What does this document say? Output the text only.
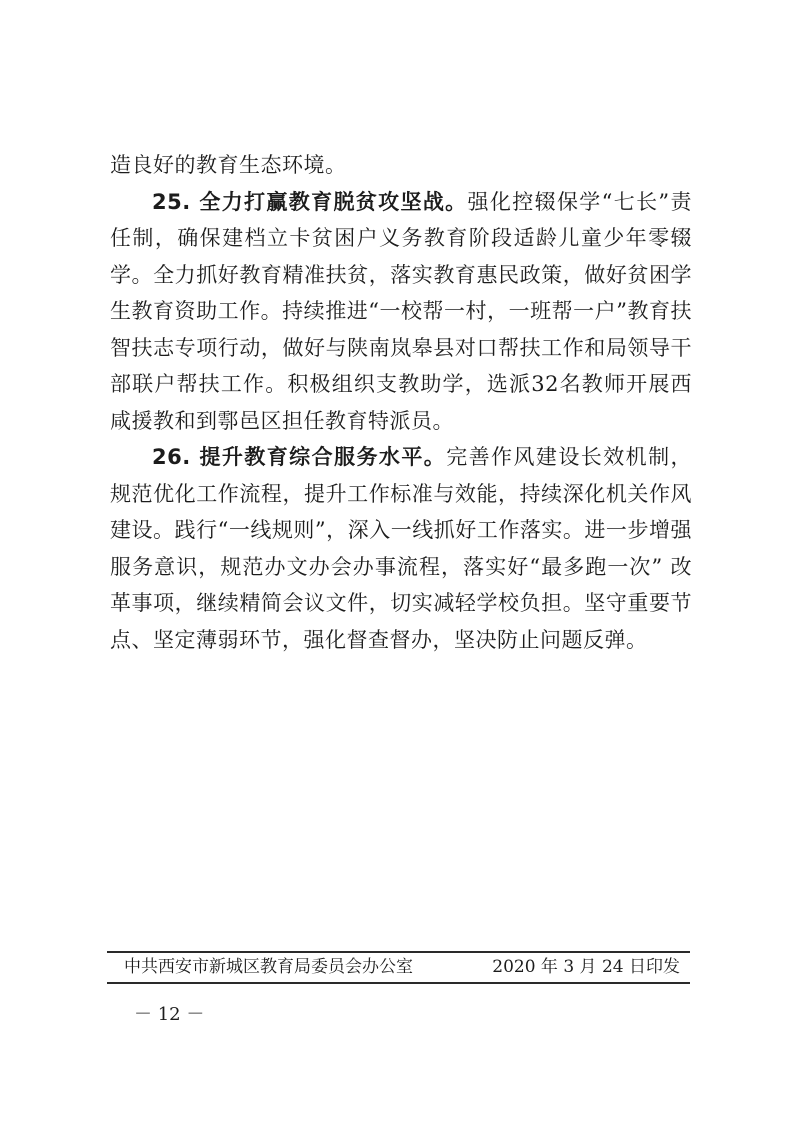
造良好的教育生态环境。

25. 全力打赢教育脱贫攻坚战。强化控辍保学“七长”责任制，确保建档立卡贫困户义务教育阶段适龄儿童少年零辍学。全力抓好教育精准扶贫，落实教育惠民政策，做好贫困学生教育资助工作。持续推进“一校帮一村，一班帮一户”教育扶智扶志专项行动，做好与陕南岚皋县对口帮扶工作和局领导干部联户帮扶工作。积极组织支教助学，选派32名教师开展西咸援教和到鄠邑区担任教育特派员。

26. 提升教育综合服务水平。完善作风建设长效机制，规范优化工作流程，提升工作标准与效能，持续深化机关作风建设。践行“一线规则”，深入一线抓好工作落实。进一步增强服务意识，规范办文办会办事流程，落实好“最多跑一次” 改革事项，继续精简会议文件，切实减轻学校负担。坚守重要节点、坚定薄弱环节，强化督查督办，坚决防止问题反弹。

中共西安市新城区教育局委员会办公室	2020 年 3 月 24 日印发
－ 12 －
